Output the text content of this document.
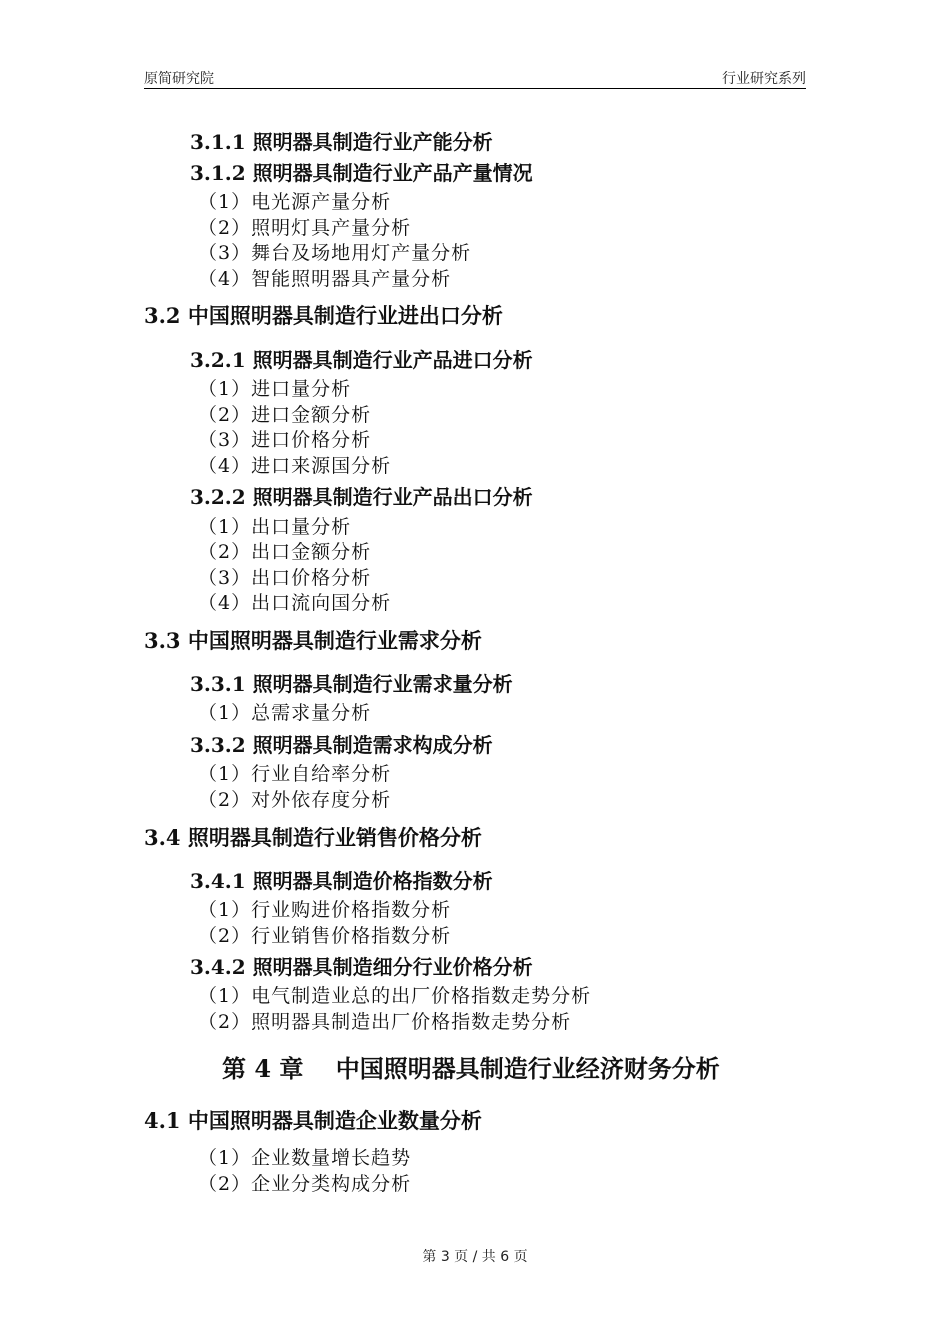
原简研究院	行业研究系列
3.1.1 照明器具制造行业产能分析
3.1.2 照明器具制造行业产品产量情况
（1）电光源产量分析
（2）照明灯具产量分析
（3）舞台及场地用灯产量分析
（4）智能照明器具产量分析
3.2 中国照明器具制造行业进出口分析
3.2.1 照明器具制造行业产品进口分析
（1）进口量分析
（2）进口金额分析
（3）进口价格分析
（4）进口来源国分析
3.2.2 照明器具制造行业产品出口分析
（1）出口量分析
（2）出口金额分析
（3）出口价格分析
（4）出口流向国分析
3.3 中国照明器具制造行业需求分析
3.3.1 照明器具制造行业需求量分析
（1）总需求量分析
3.3.2 照明器具制造需求构成分析
（1）行业自给率分析
（2）对外依存度分析
3.4 照明器具制造行业销售价格分析
3.4.1 照明器具制造价格指数分析
（1）行业购进价格指数分析
（2）行业销售价格指数分析
3.4.2 照明器具制造细分行业价格分析
（1）电气制造业总的出厂价格指数走势分析
（2）照明器具制造出厂价格指数走势分析
第 4 章　 中国照明器具制造行业经济财务分析
4.1 中国照明器具制造企业数量分析
（1）企业数量增长趋势
（2）企业分类构成分析
第 3 页 / 共 6 页
